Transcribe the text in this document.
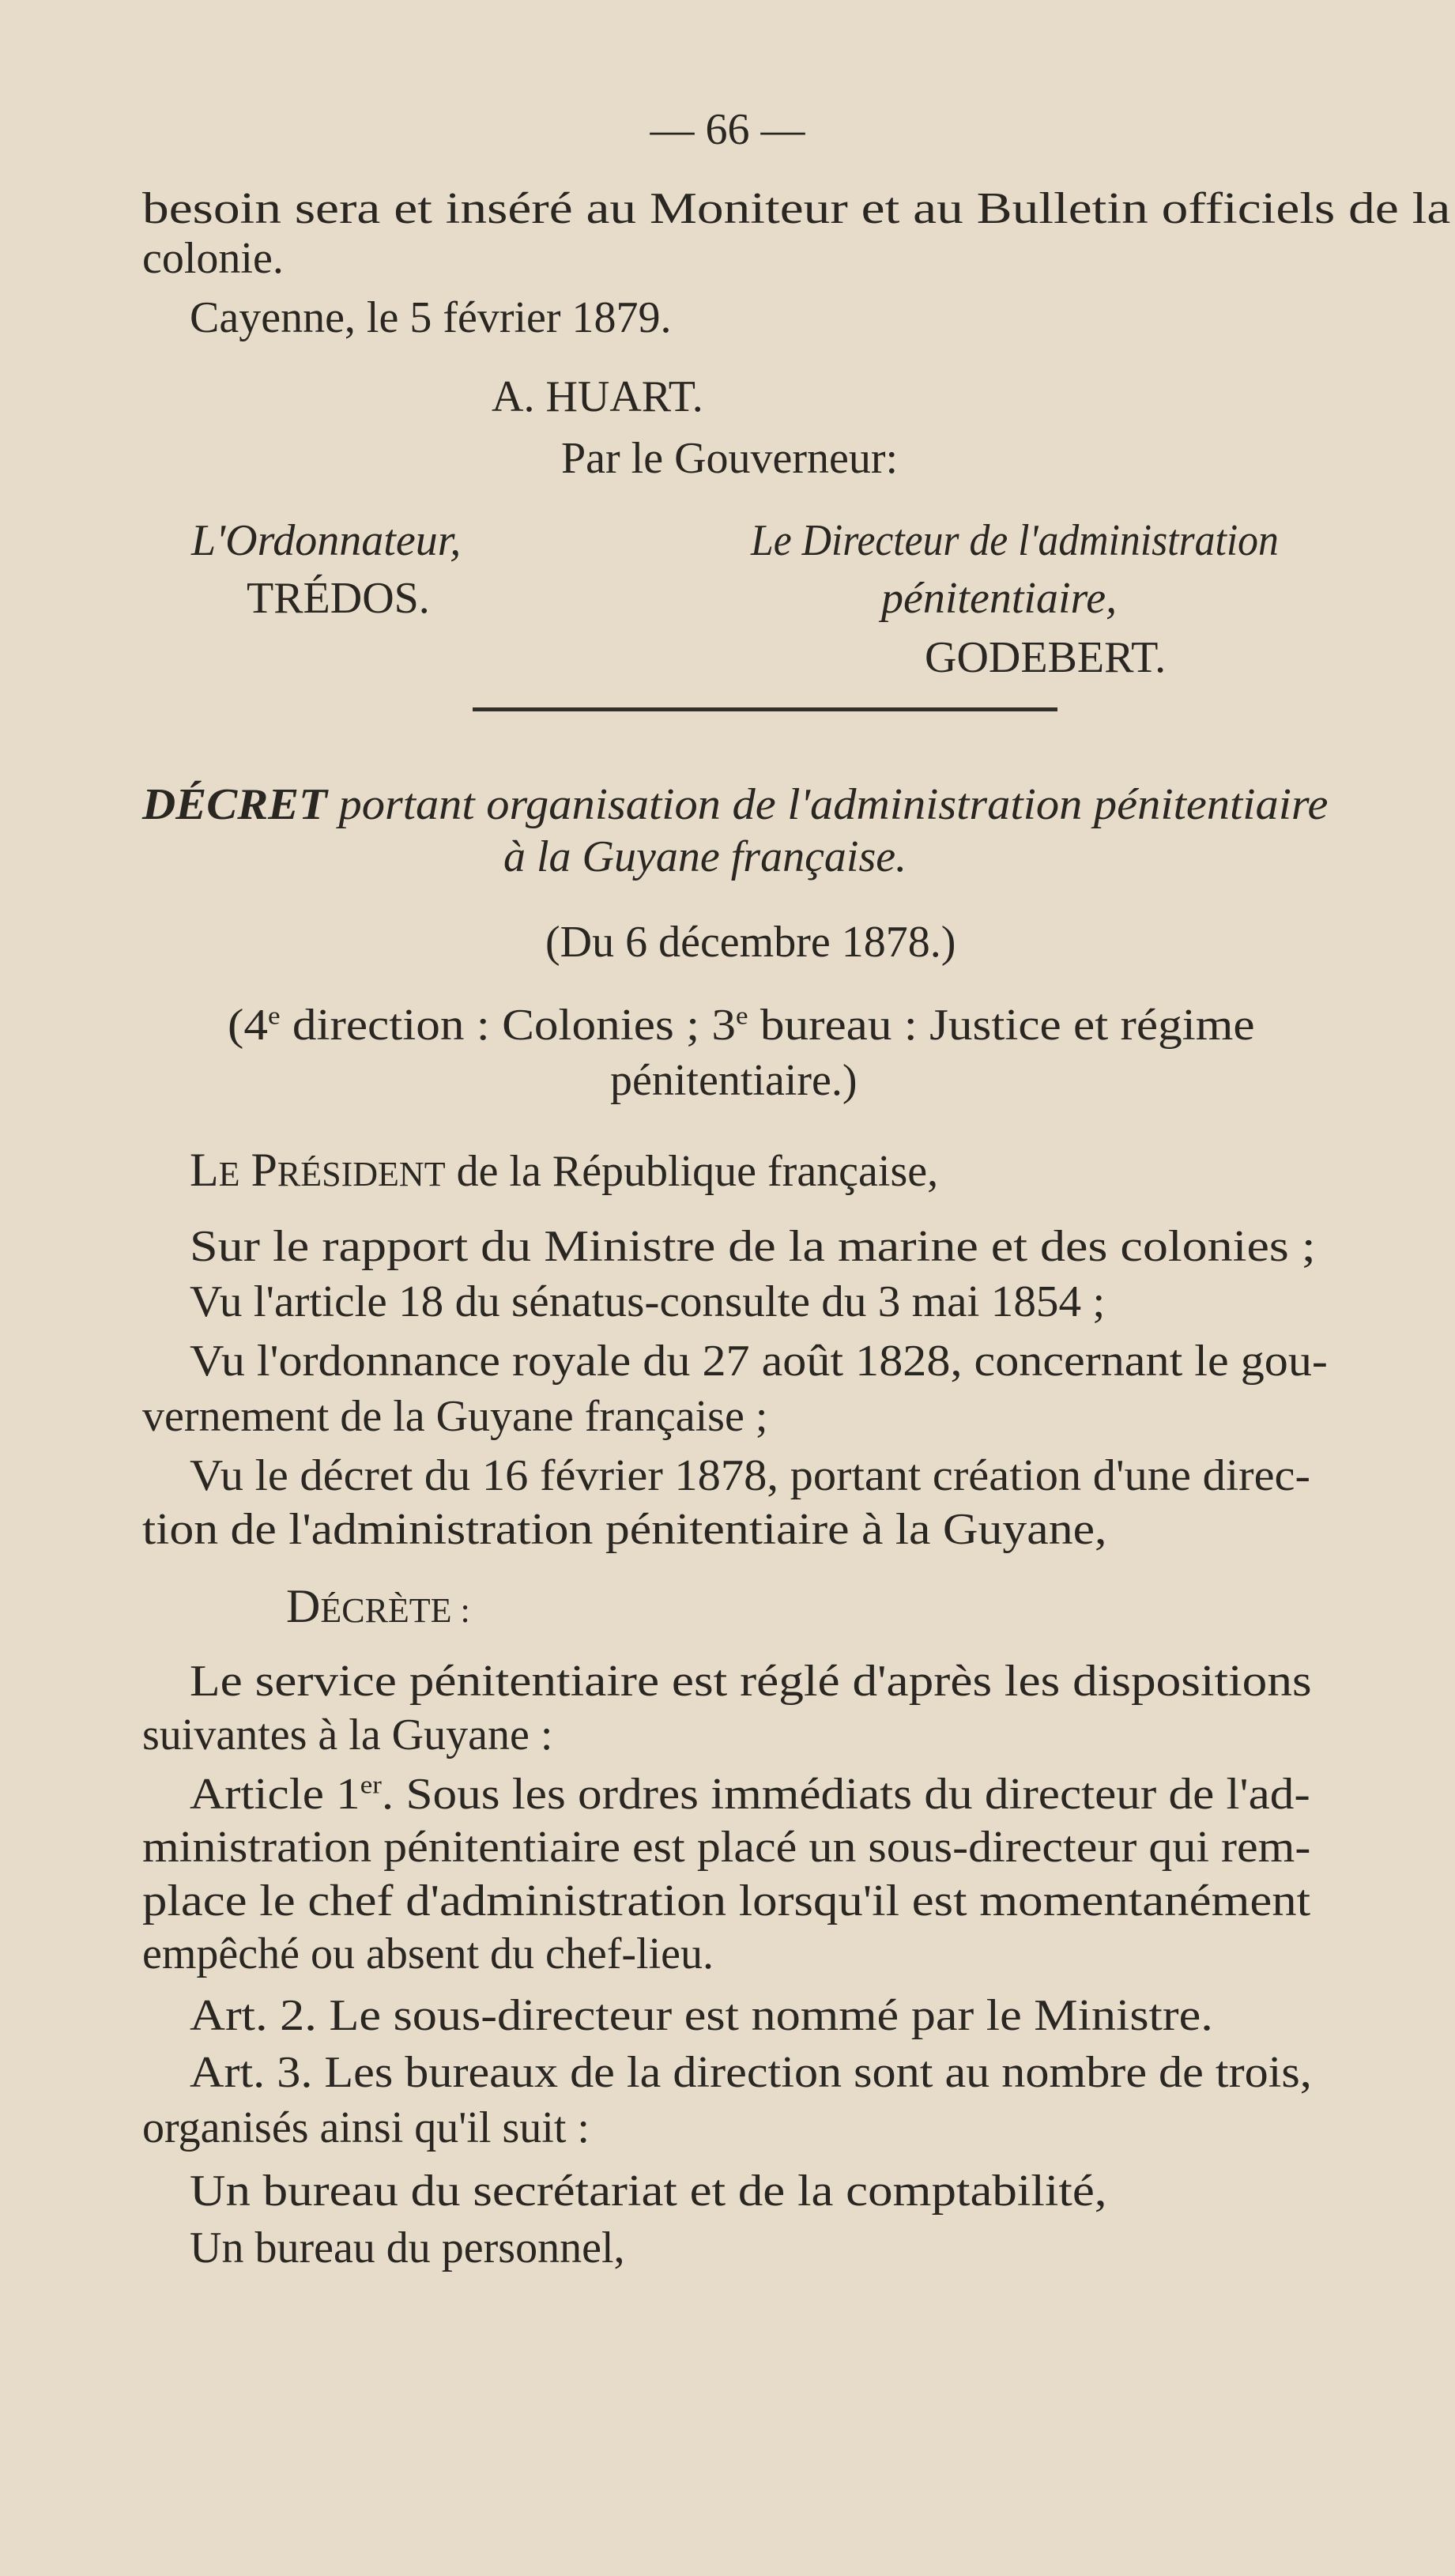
— 66 —
besoin sera et inséré au Moniteur et au Bulletin officiels de la
colonie.
Cayenne, le 5 février 1879.
A. HUART.
Par le Gouverneur:
L'Ordonnateur,
TRÉDOS.
Le Directeur de l'administration
pénitentiaire,
GODEBERT.
DÉCRET portant organisation de l'administration pénitentiaire
à la Guyane française.
(Du 6 décembre 1878.)
(4e direction : Colonies ; 3e bureau : Justice et régime
pénitentiaire.)
LE PRÉSIDENT de la République française,
Sur le rapport du Ministre de la marine et des colonies ;
Vu l'article 18 du sénatus-consulte du 3 mai 1854 ;
Vu l'ordonnance royale du 27 août 1828, concernant le gou-
vernement de la Guyane française ;
Vu le décret du 16 février 1878, portant création d'une direc-
tion de l'administration pénitentiaire à la Guyane,
DÉCRÈTE :
Le service pénitentiaire est réglé d'après les dispositions
suivantes à la Guyane :
Article 1er. Sous les ordres immédiats du directeur de l'ad-
ministration pénitentiaire est placé un sous-directeur qui rem-
place le chef d'administration lorsqu'il est momentanément
empêché ou absent du chef-lieu.
Art. 2. Le sous-directeur est nommé par le Ministre.
Art. 3. Les bureaux de la direction sont au nombre de trois,
organisés ainsi qu'il suit :
Un bureau du secrétariat et de la comptabilité,
Un bureau du personnel,
